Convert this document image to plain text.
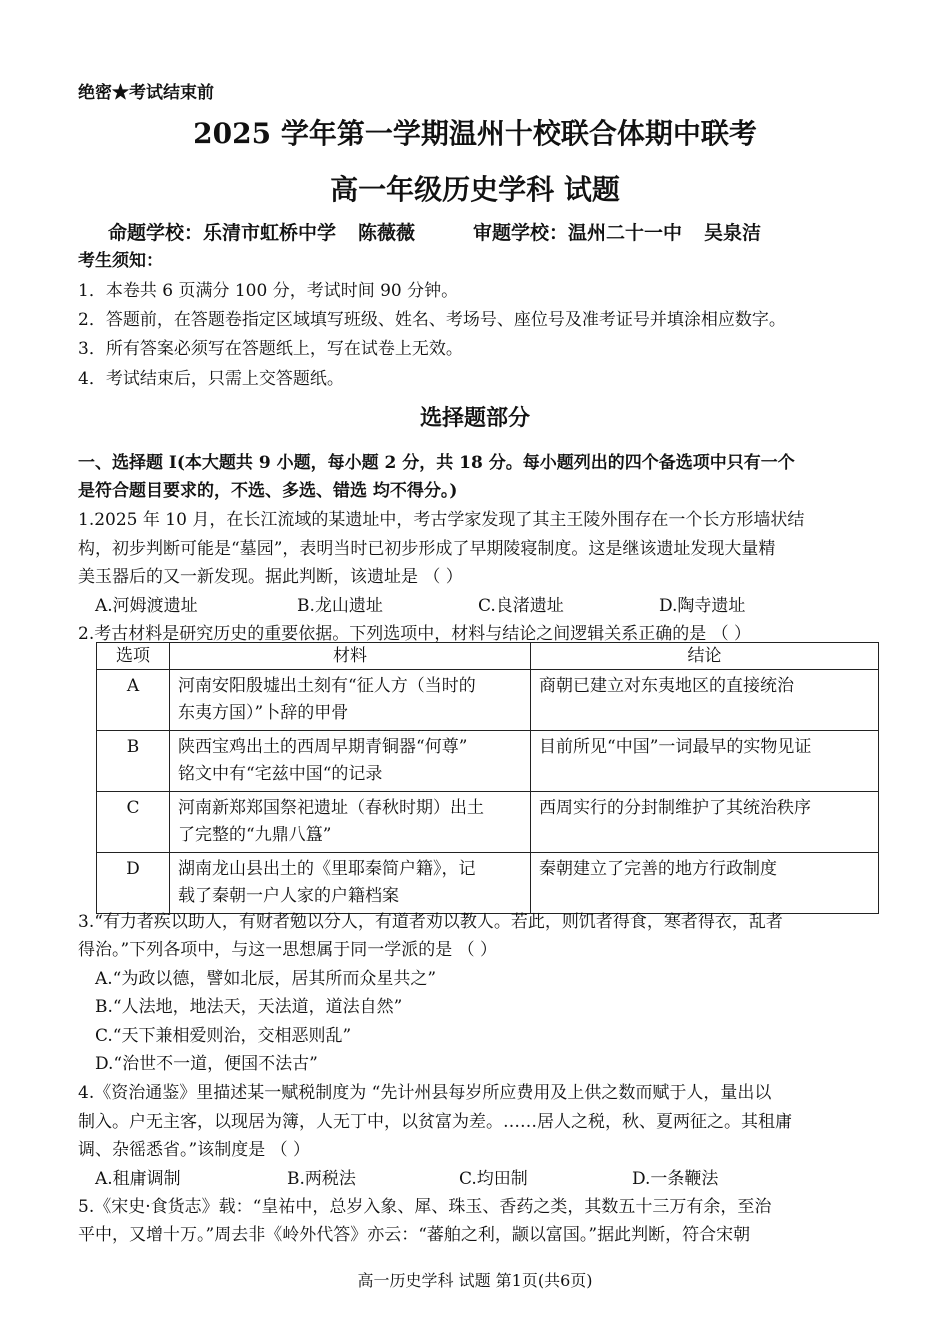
绝密★考试结束前
2025 学年第一学期温州十校联合体期中联考
高一年级历史学科 试题
命题学校：乐清市虹桥中学 陈薇薇	审题学校：温州二十一中 吴泉洁
考生须知：
1．本卷共 6 页满分 100 分，考试时间 90 分钟。
2．答题前，在答题卷指定区域填写班级、姓名、考场号、座位号及准考证号并填涂相应数字。
3．所有答案必须写在答题纸上，写在试卷上无效。
4．考试结束后，只需上交答题纸。
选择题部分
一、选择题 I(本大题共 9 小题，每小题 2 分，共 18 分。每小题列出的四个备选项中只有一个
是符合题目要求的，不选、多选、错选 均不得分。)
1.2025 年 10 月，在长江流域的某遗址中，考古学家发现了其主王陵外围存在一个长方形墙状结
构，初步判断可能是“墓园”，表明当时已初步形成了早期陵寝制度。这是继该遗址发现大量精
美玉器后的又一新发现。据此判断，该遗址是 （ ）
A.河姆渡遗址	B.龙山遗址	C.良渚遗址	D.陶寺遗址
2.考古材料是研究历史的重要依据。下列选项中，材料与结论之间逻辑关系正确的是 （ ）
选项	材料	结论
A	河南安阳殷墟出土刻有“征人方（当时的
东夷方国）”卜辞的甲骨	商朝已建立对东夷地区的直接统治
B	陕西宝鸡出土的西周早期青铜器“何尊”
铭文中有“宅兹中国“的记录	目前所见“中国”一词最早的实物见证
C	河南新郑郑国祭祀遗址（春秋时期）出土
了完整的“九鼎八簋”	西周实行的分封制维护了其统治秩序
D	湖南龙山县出土的《里耶秦简户籍》，记
载了秦朝一户人家的户籍档案	秦朝建立了完善的地方行政制度
3.“有力者疾以助人，有财者勉以分人，有道者劝以教人。若此，则饥者得食，寒者得衣，乱者
得治。”下列各项中，与这一思想属于同一学派的是 （ ）
A.“为政以德，譬如北辰，居其所而众星共之”
B.“人法地，地法天，天法道，道法自然”
C.“天下兼相爱则治，交相恶则乱”
D.“治世不一道，便国不法古”
4.《资治通鉴》里描述某一赋税制度为 “先计州县每岁所应费用及上供之数而赋于人，量出以
制入。户无主客，以现居为簿，人无丁中，以贫富为差。……居人之税，秋、夏两征之。其租庸
调、杂徭悉省。”该制度是 （ ）
A.租庸调制	B.两税法	C.均田制	D.一条鞭法
5.《宋史·食货志》载：“皇祐中，总岁入象、犀、珠玉、香药之类，其数五十三万有余，至治
平中，又增十万。”周去非《岭外代答》亦云：“蕃舶之利，颛以富国。”据此判断，符合宋朝
高一历史学科 试题 第1页(共6页)
